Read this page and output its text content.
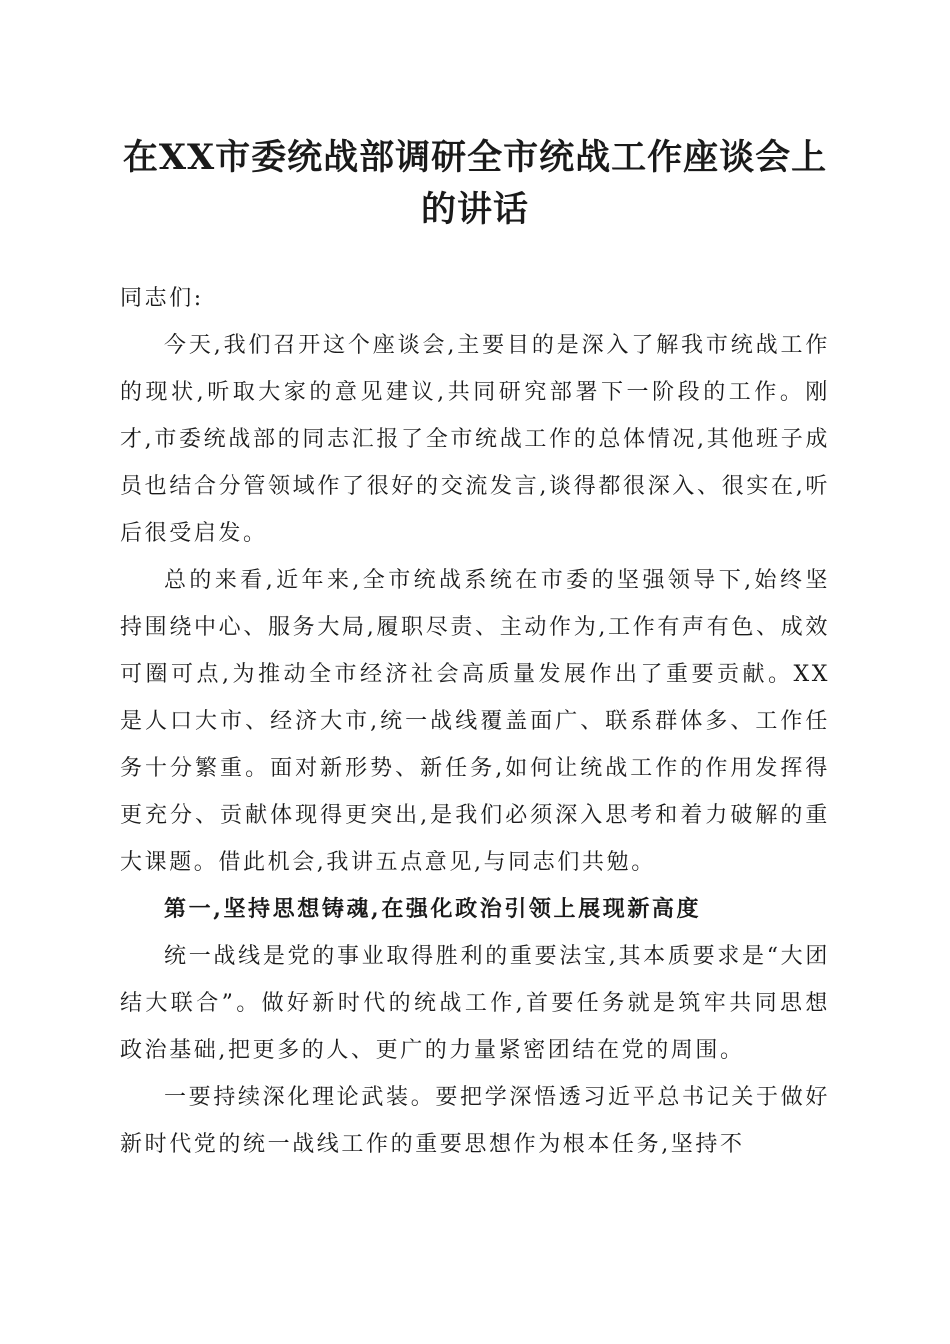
在XX市委统战部调研全市统战工作座谈会上
的讲话

同志们:

今天,我们召开这个座谈会,主要目的是深入了解我市统战工作的现状,听取大家的意见建议,共同研究部署下一阶段的工作。刚才,市委统战部的同志汇报了全市统战工作的总体情况,其他班子成员也结合分管领域作了很好的交流发言,谈得都很深入、很实在,听后很受启发。

总的来看,近年来,全市统战系统在市委的坚强领导下,始终坚持围绕中心、服务大局,履职尽责、主动作为,工作有声有色、成效可圈可点,为推动全市经济社会高质量发展作出了重要贡献。XX是人口大市、经济大市,统一战线覆盖面广、联系群体多、工作任务十分繁重。面对新形势、新任务,如何让统战工作的作用发挥得更充分、贡献体现得更突出,是我们必须深入思考和着力破解的重大课题。借此机会,我讲五点意见,与同志们共勉。

第一,坚持思想铸魂,在强化政治引领上展现新高度

统一战线是党的事业取得胜利的重要法宝,其本质要求是“大团结大联合”。做好新时代的统战工作,首要任务就是筑牢共同思想政治基础,把更多的人、更广的力量紧密团结在党的周围。

一要持续深化理论武装。要把学深悟透习近平总书记关于做好新时代党的统一战线工作的重要思想作为根本任务,坚持不
